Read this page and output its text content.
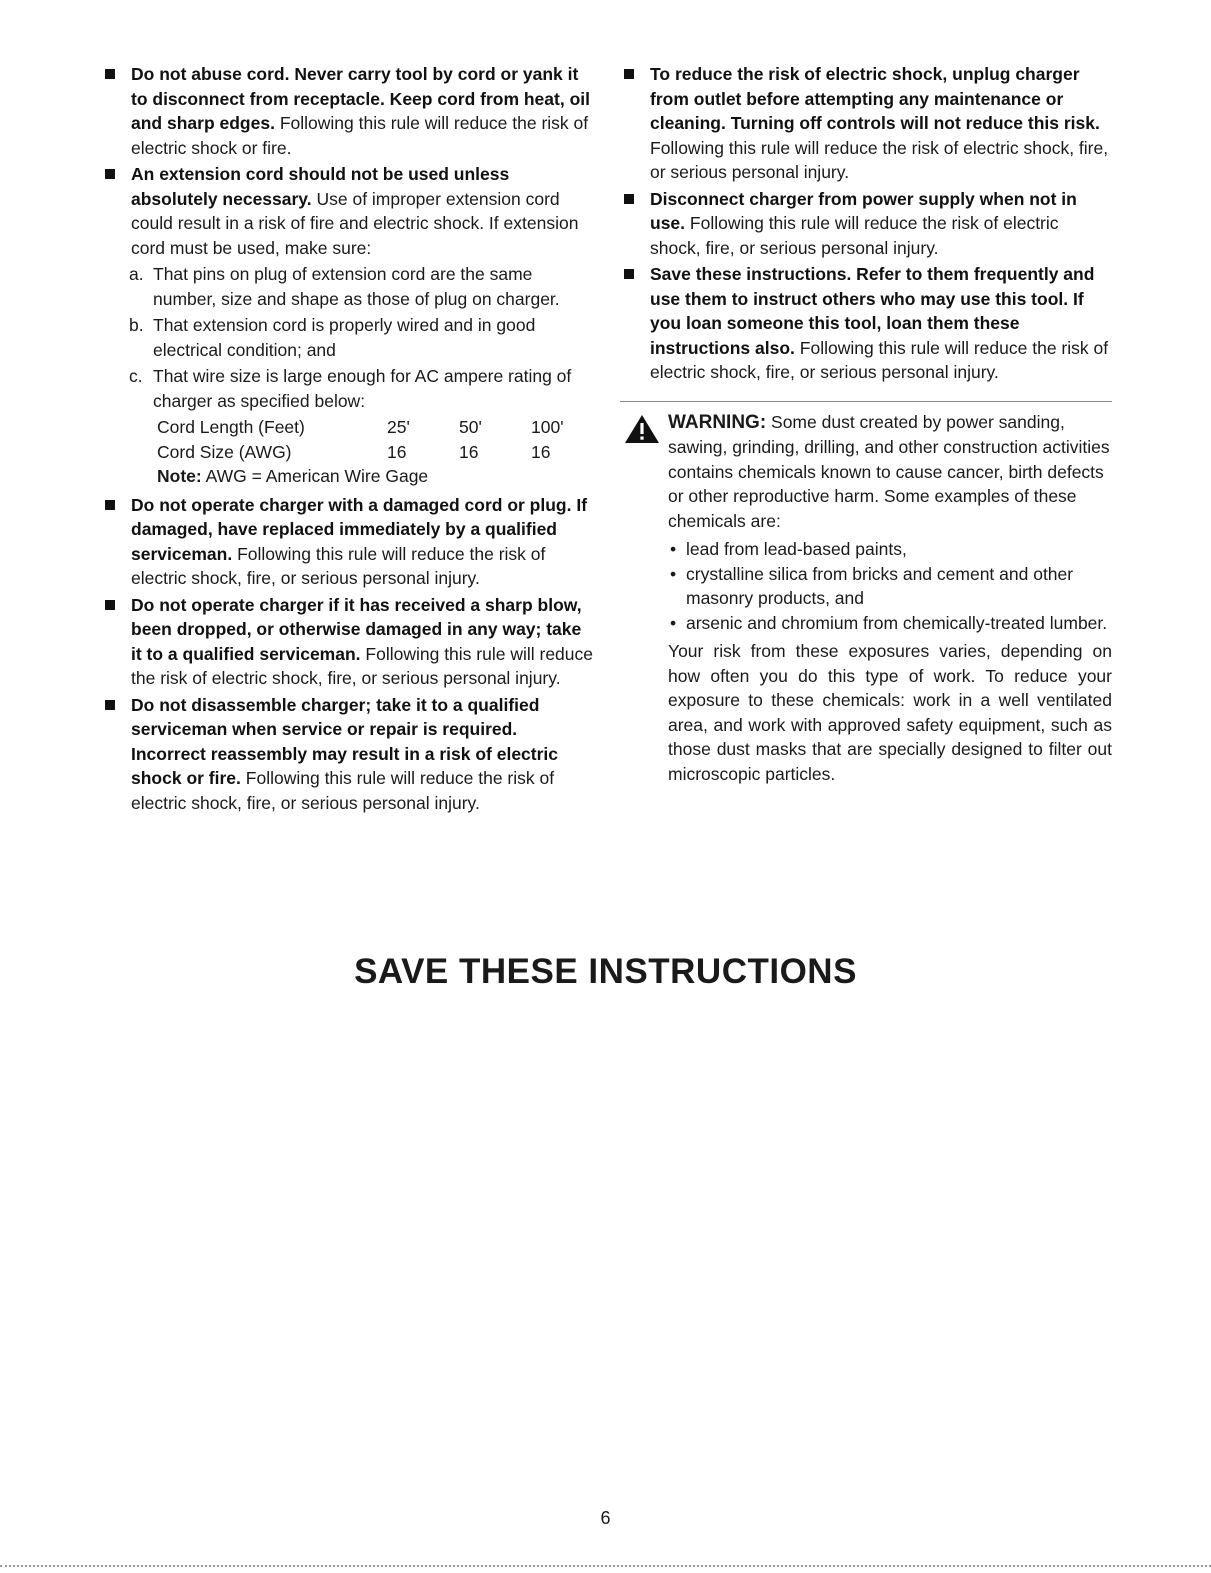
Do not abuse cord. Never carry tool by cord or yank it to disconnect from receptacle. Keep cord from heat, oil and sharp edges. Following this rule will reduce the risk of electric shock or fire.
An extension cord should not be used unless absolutely necessary. Use of improper extension cord could result in a risk of fire and electric shock. If extension cord must be used, make sure:
a. That pins on plug of extension cord are the same number, size and shape as those of plug on charger.
b. That extension cord is properly wired and in good electrical condition; and
c. That wire size is large enough for AC ampere rating of charger as specified below:
Cord Length (Feet)	25'	50'	100'
Cord Size (AWG)	16	16	16
Note: AWG = American Wire Gage
Do not operate charger with a damaged cord or plug. If damaged, have replaced immediately by a qualified serviceman. Following this rule will reduce the risk of electric shock, fire, or serious personal injury.
Do not operate charger if it has received a sharp blow, been dropped, or otherwise damaged in any way; take it to a qualified serviceman. Following this rule will reduce the risk of electric shock, fire, or serious personal injury.
Do not disassemble charger; take it to a qualified serviceman when service or repair is required. Incorrect reassembly may result in a risk of electric shock or fire. Following this rule will reduce the risk of electric shock, fire, or serious personal injury.
To reduce the risk of electric shock, unplug charger from outlet before attempting any maintenance or cleaning. Turning off controls will not reduce this risk. Following this rule will reduce the risk of electric shock, fire, or serious personal injury.
Disconnect charger from power supply when not in use. Following this rule will reduce the risk of electric shock, fire, or serious personal injury.
Save these instructions. Refer to them frequently and use them to instruct others who may use this tool. If you loan someone this tool, loan them these instructions also. Following this rule will reduce the risk of electric shock, fire, or serious personal injury.

WARNING: Some dust created by power sanding, sawing, grinding, drilling, and other construction activities contains chemicals known to cause cancer, birth defects or other reproductive harm. Some examples of these chemicals are:

• lead from lead-based paints,
• crystalline silica from bricks and cement and other masonry products, and
• arsenic and chromium from chemically-treated lumber.

Your risk from these exposures varies, depending on how often you do this type of work. To reduce your exposure to these chemicals: work in a well ventilated area, and work with approved safety equipment, such as those dust masks that are specially designed to filter out microscopic particles.

SAVE THESE INSTRUCTIONS
6
